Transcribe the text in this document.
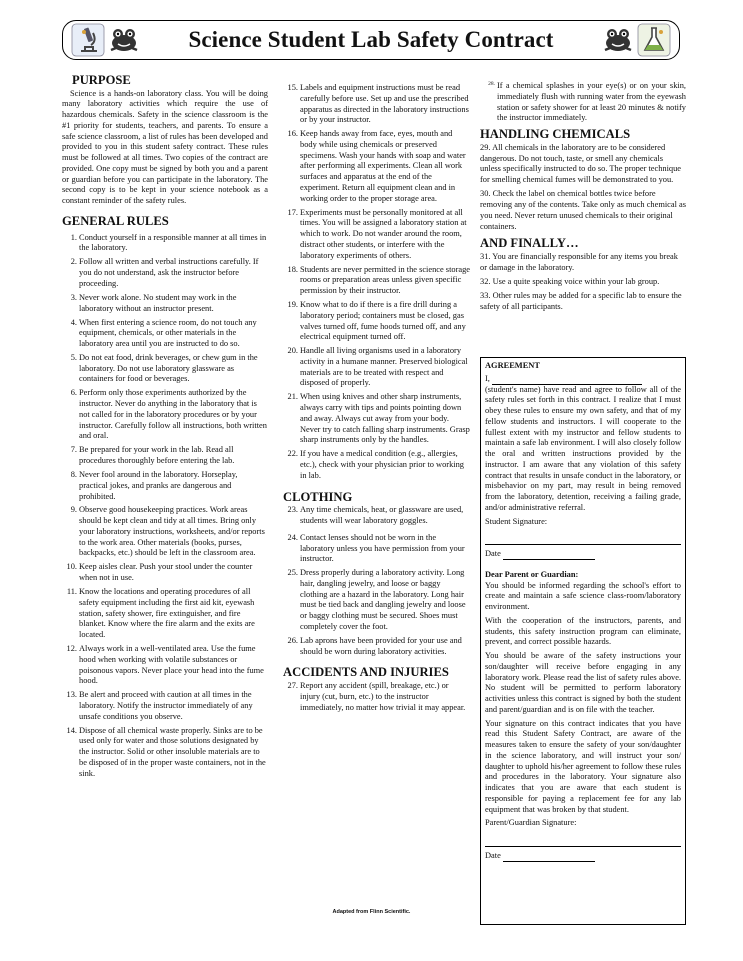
Science Student Lab Safety Contract
PURPOSE

Science is a hands-on laboratory class. You will be doing many laboratory activities which require the use of hazardous chemicals. Safety in the science classroom is the #1 priority for students, teachers, and parents. To ensure a safe science classroom, a list of rules has been developed and provided to you in this student safety contract. These rules must be followed at all times. Two copies of the contract are provided. One copy must be signed by both you and a parent or guardian before you can participate in the laboratory. The second copy is to be kept in your science notebook as a constant reminder of the safety rules.

GENERAL RULES
1. Conduct yourself in a responsible manner at all times in the laboratory.
2. Follow all written and verbal instructions carefully. If you do not understand, ask the instructor before proceeding.
3. Never work alone. No student may work in the laboratory without an instructor present.
4. When first entering a science room, do not touch any equipment, chemicals, or other materials in the laboratory area until you are instructed to do so.
5. Do not eat food, drink beverages, or chew gum in the laboratory. Do not use laboratory glassware as containers for food or beverages.
6. Perform only those experiments authorized by the instructor. Never do anything in the laboratory that is not called for in the laboratory procedures or by your instructor. Carefully follow all instructions, both written and oral.
7. Be prepared for your work in the lab. Read all procedures thoroughly before entering the lab.
8. Never fool around in the laboratory. Horseplay, practical jokes, and pranks are dangerous and prohibited.
9. Observe good housekeeping practices. Work areas should be kept clean and tidy at all times. Bring only your laboratory instructions, worksheets, and/or reports to the work area. Other materials (books, purses, backpacks, etc.) should be left in the classroom area.
10. Keep aisles clear. Push your stool under the counter when not in use.
11. Know the locations and operating procedures of all safety equipment including the first aid kit, eyewash station, safety shower, fire extinguisher, and fire blanket. Know where the fire alarm and the exits are located.
12. Always work in a well-ventilated area. Use the fume hood when working with volatile substances or poisonous vapors. Never place your head into the fume hood.
13. Be alert and proceed with caution at all times in the laboratory. Notify the instructor immediately of any unsafe conditions you observe.
14. Dispose of all chemical waste properly. Sinks are to be used only for water and those solutions designated by the instructor. Solid or other insoluble materials are to be disposed of in the proper waste containers, not in the sink.
15. Labels and equipment instructions must be read carefully before use. Set up and use the prescribed apparatus as directed in the laboratory instructions or by your instructor.
16. Keep hands away from face, eyes, mouth and body while using chemicals or preserved specimens. Wash your hands with soap and water after performing all experiments. Clean all work surfaces and apparatus at the end of the experiment. Return all equipment clean and in working order to the proper storage area.
17. Experiments must be personally monitored at all times. You will be assigned a laboratory station at which to work. Do not wander around the room, distract other students, or interfere with the laboratory experiments of others.
18. Students are never permitted in the science storage rooms or preparation areas unless given specific permission by their instructor.
19. Know what to do if there is a fire drill during a laboratory period; containers must be closed, gas valves turned off, fume hoods turned off, and any electrical equipment turned off.
20. Handle all living organisms used in a laboratory activity in a humane manner. Preserved biological materials are to be treated with respect and disposed of properly.
21. When using knives and other sharp instruments, always carry with tips and points pointing down and away. Always cut away from your body. Never try to catch falling sharp instruments. Grasp sharp instruments only by the handles.
22. If you have a medical condition (e.g., allergies, etc.), check with your physician prior to working in lab.
CLOTHING
23. Any time chemicals, heat, or glassware are used, students will wear laboratory goggles.
24. Contact lenses should not be worn in the laboratory unless you have permission from your instructor.
25. Dress properly during a laboratory activity. Long hair, dangling jewelry, and loose or baggy clothing are a hazard in the laboratory. Long hair must be tied back and dangling jewelry and loose or baggy clothing must be secured. Shoes must completely cover the foot.
26. Lab aprons have been provided for your use and should be worn during laboratory activities.
ACCIDENTS AND INJURIES
27. Report any accident (spill, breakage, etc.) or injury (cut, burn, etc.) to the instructor immediately, no matter how trivial it may appear.
28. If a chemical splashes in your eye(s) or on your skin, immediately flush with running water from the eyewash station or safety shower for at least 20 minutes & notify the instructor immediately.
HANDLING CHEMICALS

29. All chemicals in the laboratory are to be considered dangerous. Do not touch, taste, or smell any chemicals unless specifically instructed to do so. The proper technique for smelling chemical fumes will be demonstrated to you.

30. Check the label on chemical bottles twice before removing any of the contents. Take only as much chemical as you need. Never return unused chemicals to their original containers.

AND FINALLY…

31. You are financially responsible for any items you break or damage in the laboratory.

32. Use a quite speaking voice within your lab group.

33. Other rules may be added for a specific lab to ensure the safety of all participants.

AGREEMENT

I,

(student's name) have read and agree to follow all of the safety rules set forth in this contract. I realize that I must obey these rules to ensure my own safety, and that of my fellow students and instructors. I will cooperate to the fullest extent with my instructor and fellow students to maintain a safe lab environment. I will also closely follow the oral and written instructions provided by the instructor. I am aware that any violation of this safety contract that results in unsafe conduct in the laboratory, or misbehavior on my part, may result in being removed from the laboratory, detention, receiving a failing grade, and/or administrative referral.

Student Signature:

Date

Dear Parent or Guardian:

You should be informed regarding the school's effort to create and maintain a safe science class-room/laboratory environment.

With the cooperation of the instructors, parents, and students, this safety instruction program can eliminate, prevent, and correct possible hazards.

You should be aware of the safety instructions your son/daughter will receive before engaging in any laboratory work. Please read the list of safety rules above. No student will be permitted to perform laboratory activities unless this contract is signed by both the student and parent/guardian and is on file with the teacher.

Your signature on this contract indicates that you have read this Student Safety Contract, are aware of the measures taken to ensure the safety of your son/daughter in the science laboratory, and will instruct your son/ daughter to uphold his/her agreement to follow these rules and procedures in the laboratory. Your signature also indicates that you are aware that each student is responsible for paying a replacement fee for any lab equipment that was broken by that student.

Parent/Guardian Signature:

Date

Adapted from Flinn Scientific.
